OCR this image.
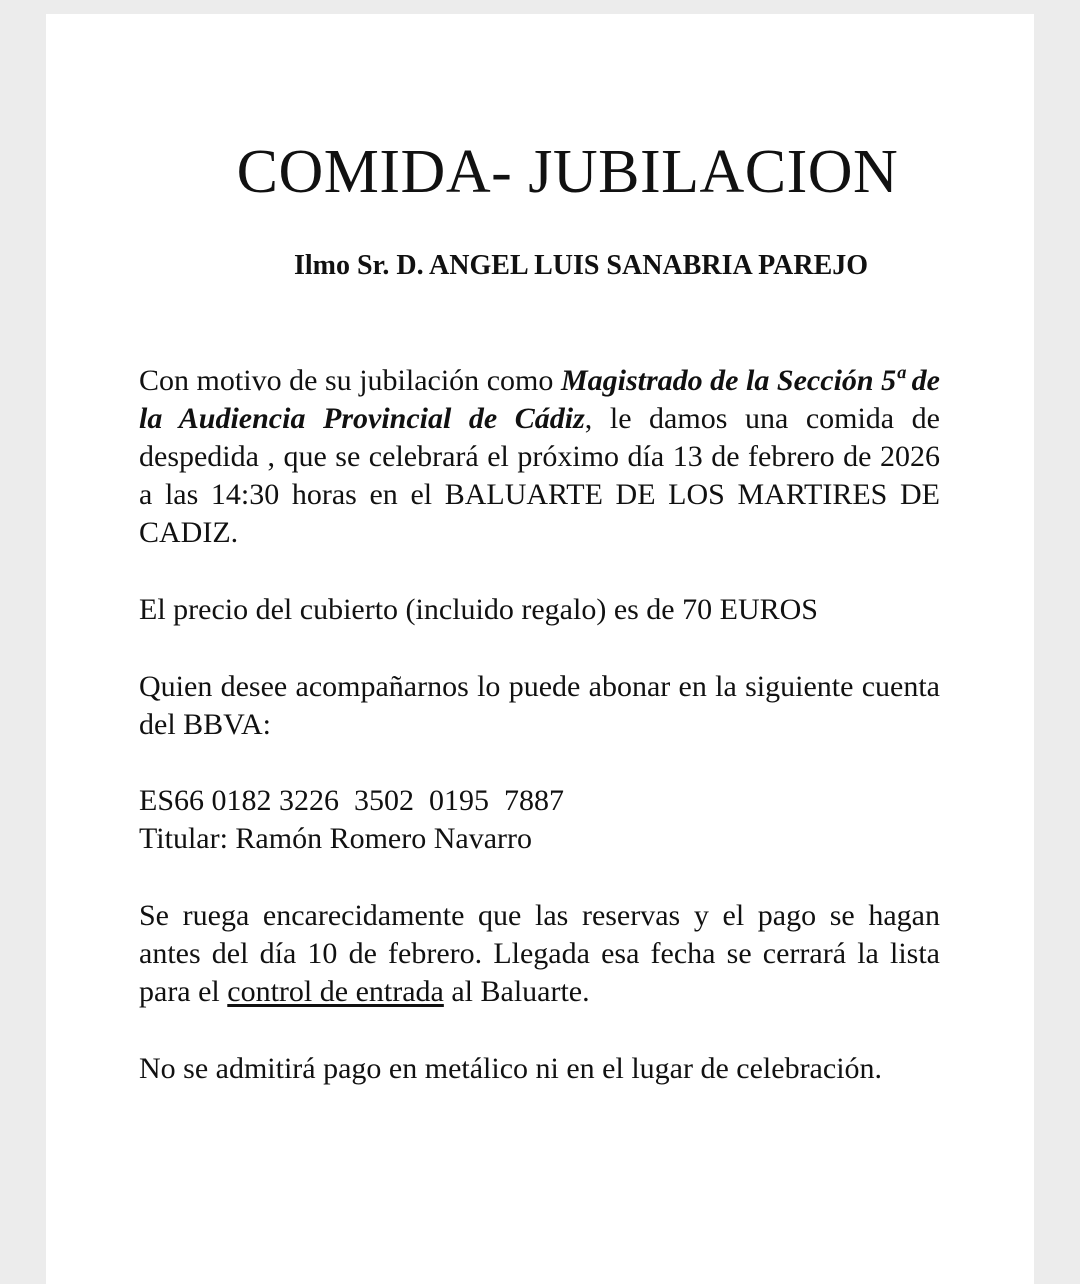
COMIDA- JUBILACION
Ilmo Sr. D. ANGEL LUIS SANABRIA PAREJO

Con motivo de su jubilación como Magistrado de la Sección 5ª de la Audiencia Provincial de Cádiz, le damos una comida de despedida , que se celebrará el próximo día 13 de febrero de 2026 a las 14:30 horas en el BALUARTE DE LOS MARTIRES DE CADIZ.

El precio del cubierto (incluido regalo) es de 70 EUROS

Quien desee acompañarnos lo puede abonar en la siguiente cuenta del BBVA:

ES66 0182 3226  3502  0195  7887
Titular: Ramón Romero Navarro

Se ruega encarecidamente que las reservas y el pago se hagan antes del día 10 de febrero. Llegada esa fecha se cerrará la lista para el control de entrada al Baluarte.

No se admitirá pago en metálico ni en el lugar de celebración.
